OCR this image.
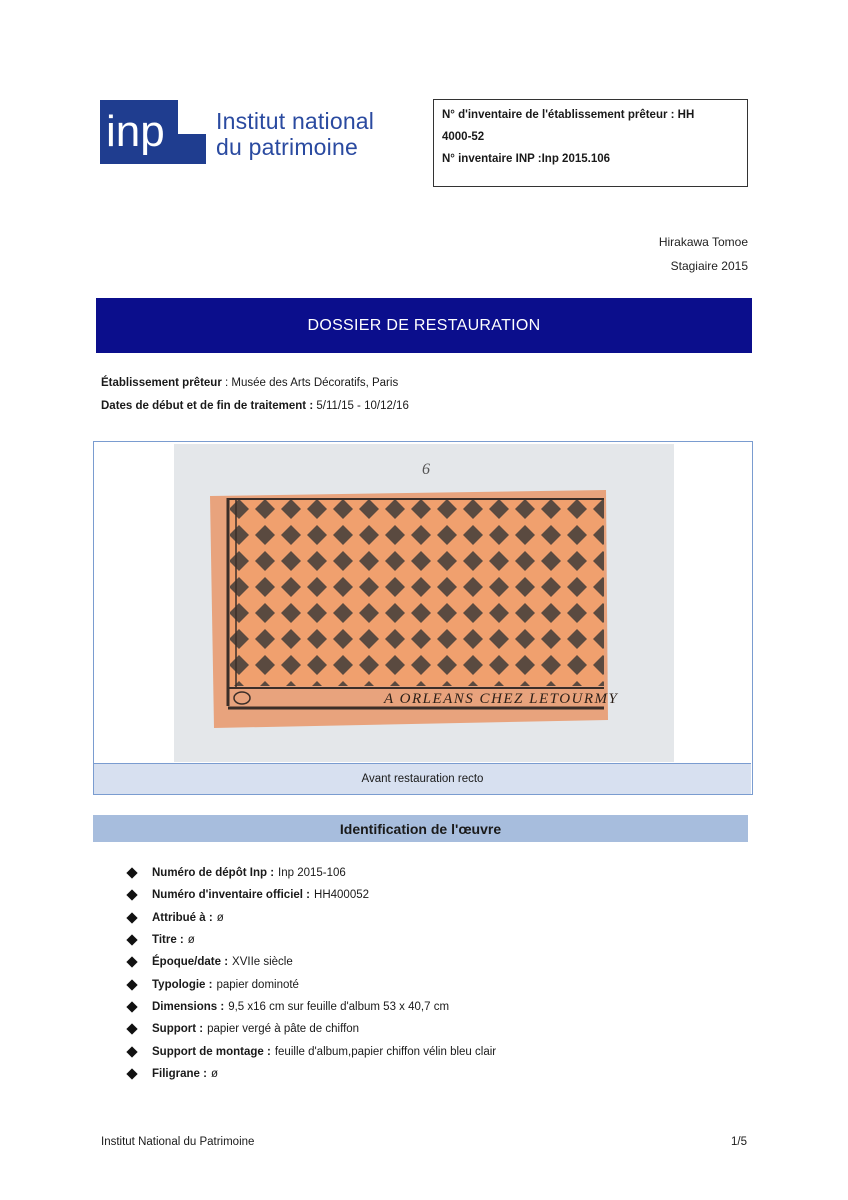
inp Institut national
du patrimoine
N° d'inventaire de l'établissement prêteur : HH
4000-52
N° inventaire INP :Inp 2015.106
Hirakawa Tomoe
Stagiaire 2015
DOSSIER DE RESTAURATION
Établissement prêteur : Musée des Arts Décoratifs, Paris
Dates de début et de fin de traitement : 5/11/15 - 10/12/16
A ORLEANS CHEZ LETOURMY
6
Avant restauration recto
Identification de l'œuvre
Numéro de dépôt Inp : Inp 2015-106
Numéro d'inventaire officiel : HH400052
Attribué à : ø
Titre : ø
Époque/date : XVIIe siècle
Typologie : papier dominoté
Dimensions : 9,5 x16 cm sur feuille d'album 53 x 40,7 cm
Support : papier vergé à pâte de chiffon
Support de montage : feuille d'album,papier chiffon vélin bleu clair
Filigrane : ø
Institut National du Patrimoine	1/5
